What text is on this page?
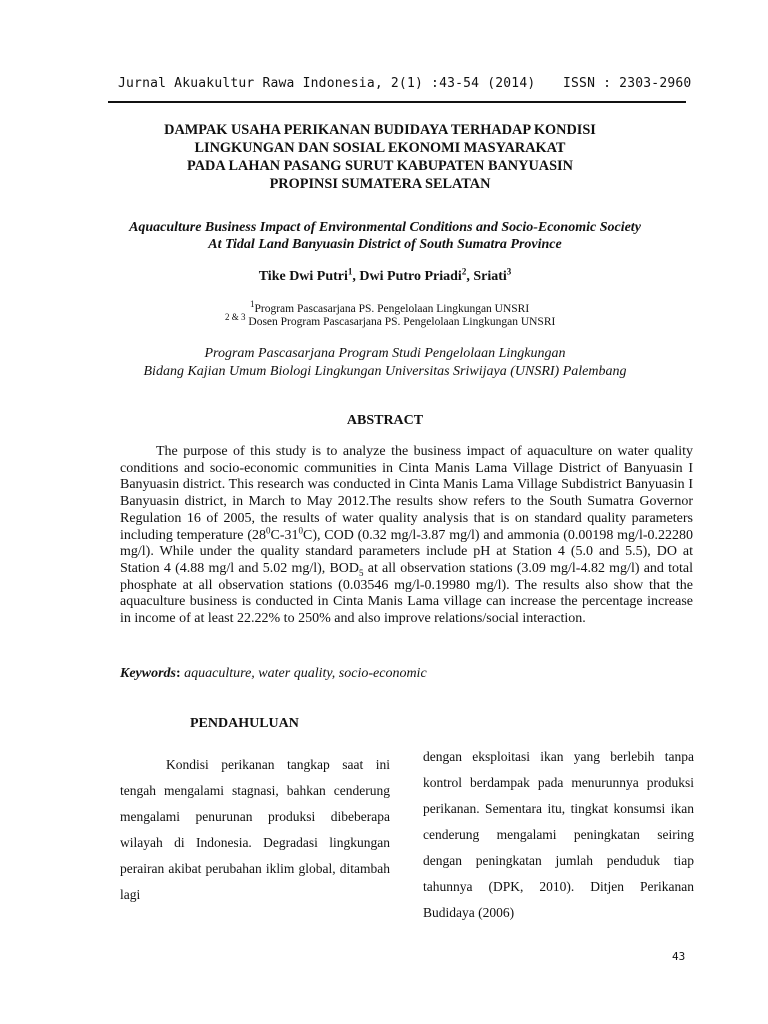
Jurnal Akuakultur Rawa Indonesia, 2(1) :43-54 (2014) ISSN : 2303-2960
DAMPAK USAHA PERIKANAN BUDIDAYA TERHADAP KONDISI
LINGKUNGAN DAN SOSIAL EKONOMI MASYARAKAT
PADA LAHAN PASANG SURUT KABUPATEN BANYUASIN
PROPINSI SUMATERA SELATAN
Aquaculture Business Impact of Environmental Conditions and Socio-Economic Society
At Tidal Land Banyuasin District of South Sumatra Province
Tike Dwi Putri$^1$, Dwi Putro Priadi$^2$, Sriati$^3$
$^1$Program Pascasarjana PS. Pengelolaan Lingkungan UNSRI
$^{2 \& 3}$ Dosen Program Pascasarjana PS. Pengelolaan Lingkungan UNSRI
Program Pascasarjana Program Studi Pengelolaan Lingkungan
Bidang Kajian Umum Biologi Lingkungan Universitas Sriwijaya (UNSRI) Palembang
ABSTRACT

The purpose of this study is to analyze the business impact of aquaculture on water quality conditions and socio-economic communities in Cinta Manis Lama Village District of Banyuasin I Banyuasin district. This research was conducted in Cinta Manis Lama Village Subdistrict Banyuasin I Banyuasin district, in March to May 2012.The results show refers to the South Sumatra Governor Regulation 16 of 2005, the results of water quality analysis that is on standard quality parameters including temperature $(28^0C-31^0C)$, COD (0.32 mg/l-3.87 mg/l) and ammonia (0.00198 mg/l-0.22280 mg/l). While under the quality standard parameters include pH at Station 4 (5.0 and 5.5), DO at Station 4 (4.88 mg/l and 5.02 mg/l), $BOD_5$ at all observation stations (3.09 mg/l-4.82 mg/l) and total phosphate at all observation stations (0.03546 mg/l-0.19980 mg/l). The results also show that the aquaculture business is conducted in Cinta Manis Lama village can increase the percentage increase in income of at least 22.22% to 250% and also improve relations/social interaction.

Keywords: aquaculture, water quality, socio-economic
PENDAHULUAN

Kondisi perikanan tangkap saat ini tengah mengalami stagnasi, bahkan cenderung mengalami penurunan produksi dibeberapa wilayah di Indonesia. Degradasi lingkungan perairan akibat perubahan iklim global, ditambah lagi

dengan eksploitasi ikan yang berlebih tanpa kontrol berdampak pada menurunnya produksi perikanan. Sementara itu, tingkat konsumsi ikan cenderung mengalami peningkatan seiring dengan peningkatan jumlah penduduk tiap tahunnya (DPK, 2010). Ditjen Perikanan Budidaya (2006)

43
